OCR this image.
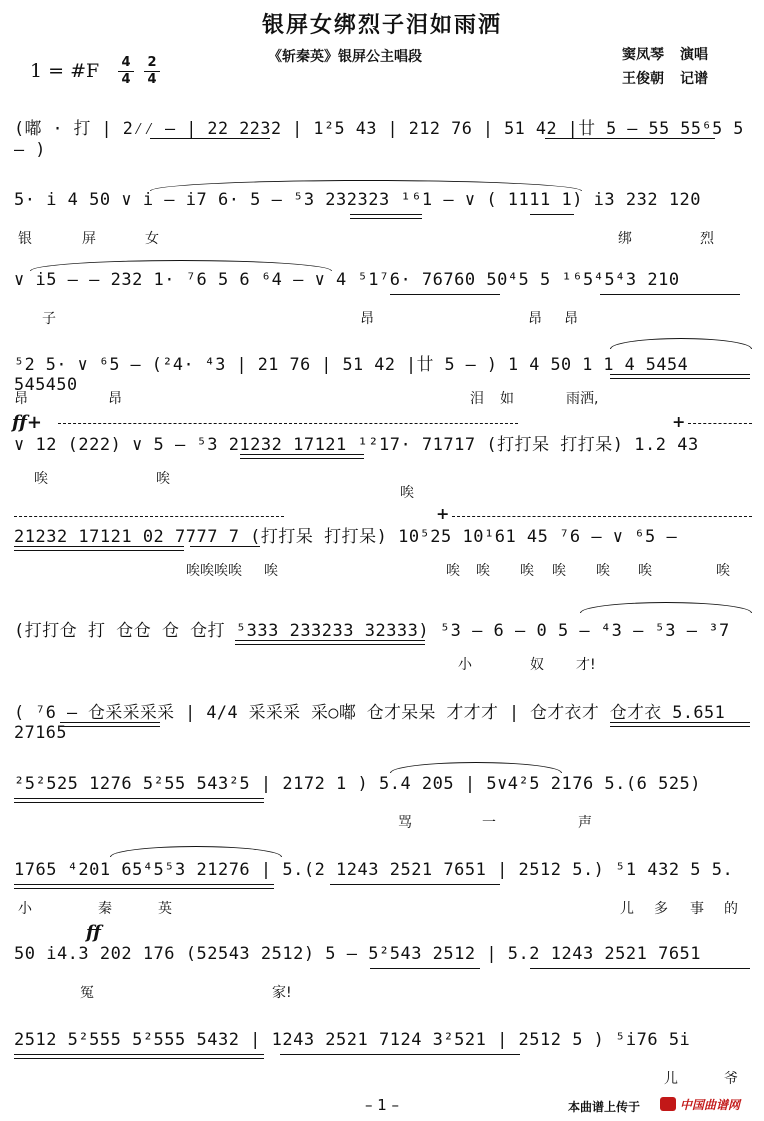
银屏女绑烈子泪如雨洒
《斩秦英》银屏公主唱段
1 = #F 4
4
2
4
窦凤琴 演唱
王俊朝 记谱
(嘟 · 打 | 2⁄⁄ — | 22 2232 | 1²5 43 | 212 76 | 51 42 |廿 5 – 55 55⁶5 5 – )
5· i 4 50 ∨ i – i7 6· 5 – ⁵3 232323 ¹⁶1 – ∨ ( 1111 1) i3 232 120
银	屏	女	绑	烈
∨ i5 – – 232 1· ⁷6 5 6 ⁶4 – ∨ 4 ⁵1⁷6· 76760 50⁴5 5 ¹⁶5⁴5⁴3 210
子	昂	昂 昂
⁵2 5· ∨ ⁶5 – (²4· ⁴3 | 21 76 | 51 42 |廿 5 – ) 1 4 50 1 1 4 5454 545450
昂	昂	泪 如	雨洒,
ff+	+
∨ 12 (222) ∨ 5 – ⁵3 21232 17121 ¹²17· 71717 (打打呆 打打呆) 1.2 43
唉	唉
唉
+
21232 17121 02 7777 7 (打打呆 打打呆) 10⁵25 10¹61 45 ⁷6 – ∨ ⁶5 –
唉唉唉唉 唉	唉 唉 唉 唉 唉 唉	唉
(打打仓 打 仓仓 仓 仓打 ⁵333 233233 32333) ⁵3 – 6 – 0 5 – ⁴3 – ⁵3 – ³7
小	奴 才!
( ⁷6 – 仓采采采采 | 4/4 采采采 采○嘟 仓才呆呆 才才才 | 仓才衣才 仓才衣 5.651 27165
²5²525 1276 5²55 543²5 | 2172 1 ) 5.4 205 | 5∨4²5 2176 5.(6 525)
骂	一	声
1765 ⁴201 65⁴5⁵3 21276 | 5.(2 1243 2521 7651 | 2512 5.) ⁵1 432 5 5.
小	秦	英	儿 多 事 的
ff
50 i4.3 202 176 (52543 2512) 5 — 5²543 2512 | 5.2 1243 2521 7651
冤	家!
2512 5²555 5²555 5432 | 1243 2521 7124 3²521 | 2512 5 ) ⁵i76 5i
儿	爷
– 1 –	本曲谱上传于	中国曲谱网
